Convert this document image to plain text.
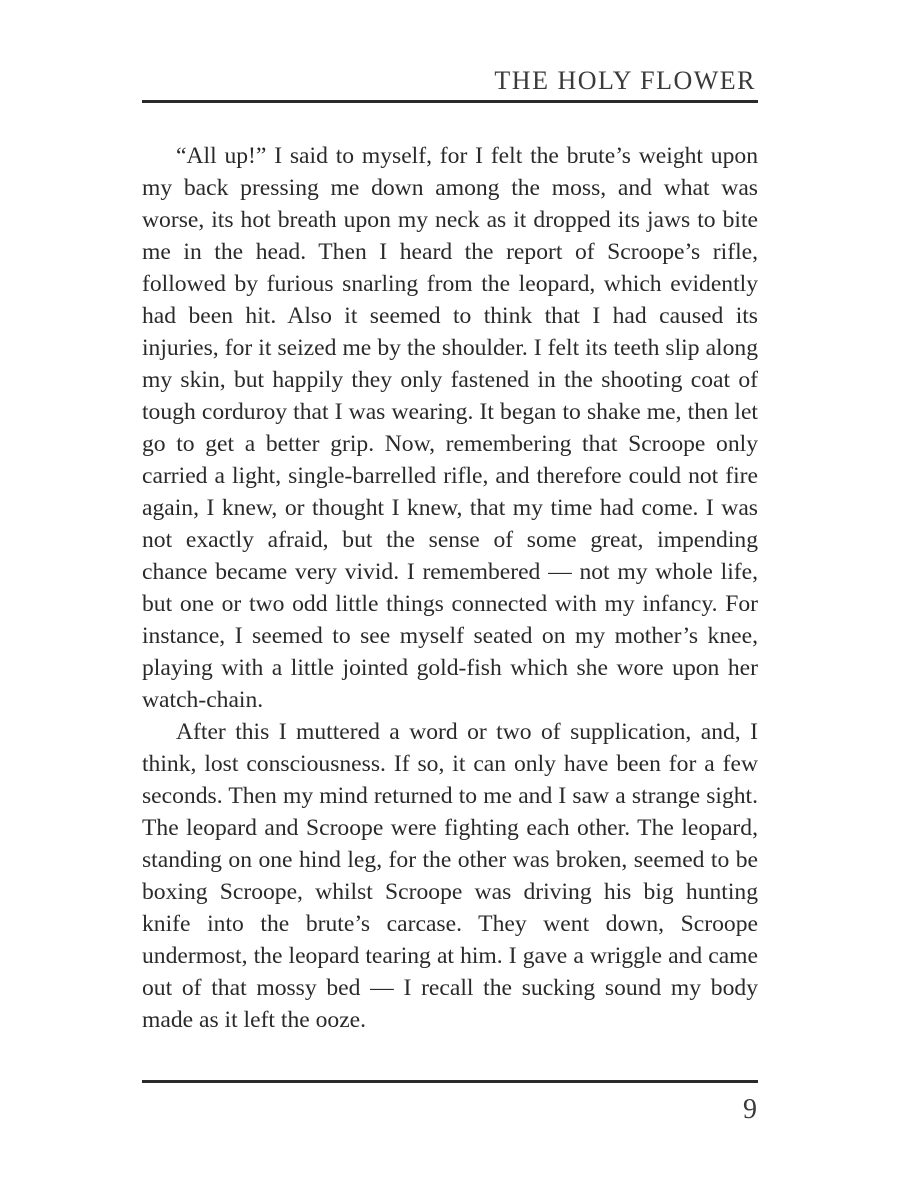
THE HOLY FLOWER

“All up!” I said to myself, for I felt the brute’s weight upon my back pressing me down among the moss, and what was worse, its hot breath upon my neck as it dropped its jaws to bite me in the head. Then I heard the report of Scroope’s rifle, followed by furious snarling from the leopard, which evidently had been hit. Also it seemed to think that I had caused its injuries, for it seized me by the shoulder. I felt its teeth slip along my skin, but happily they only fastened in the shooting coat of tough corduroy that I was wearing. It began to shake me, then let go to get a better grip. Now, remembering that Scroope only carried a light, single-barrelled rifle, and therefore could not fire again, I knew, or thought I knew, that my time had come. I was not exactly afraid, but the sense of some great, impending chance became very vivid. I remembered — not my whole life, but one or two odd little things connected with my infancy. For instance, I seemed to see myself seated on my mother’s knee, playing with a little jointed gold-fish which she wore upon her watch-chain.

After this I muttered a word or two of supplication, and, I think, lost consciousness. If so, it can only have been for a few seconds. Then my mind returned to me and I saw a strange sight. The leopard and Scroope were fighting each other. The leopard, standing on one hind leg, for the other was broken, seemed to be boxing Scroope, whilst Scroope was driving his big hunting knife into the brute’s carcase. They went down, Scroope undermost, the leopard tearing at him. I gave a wriggle and came out of that mossy bed — I recall the sucking sound my body made as it left the ooze.

9
